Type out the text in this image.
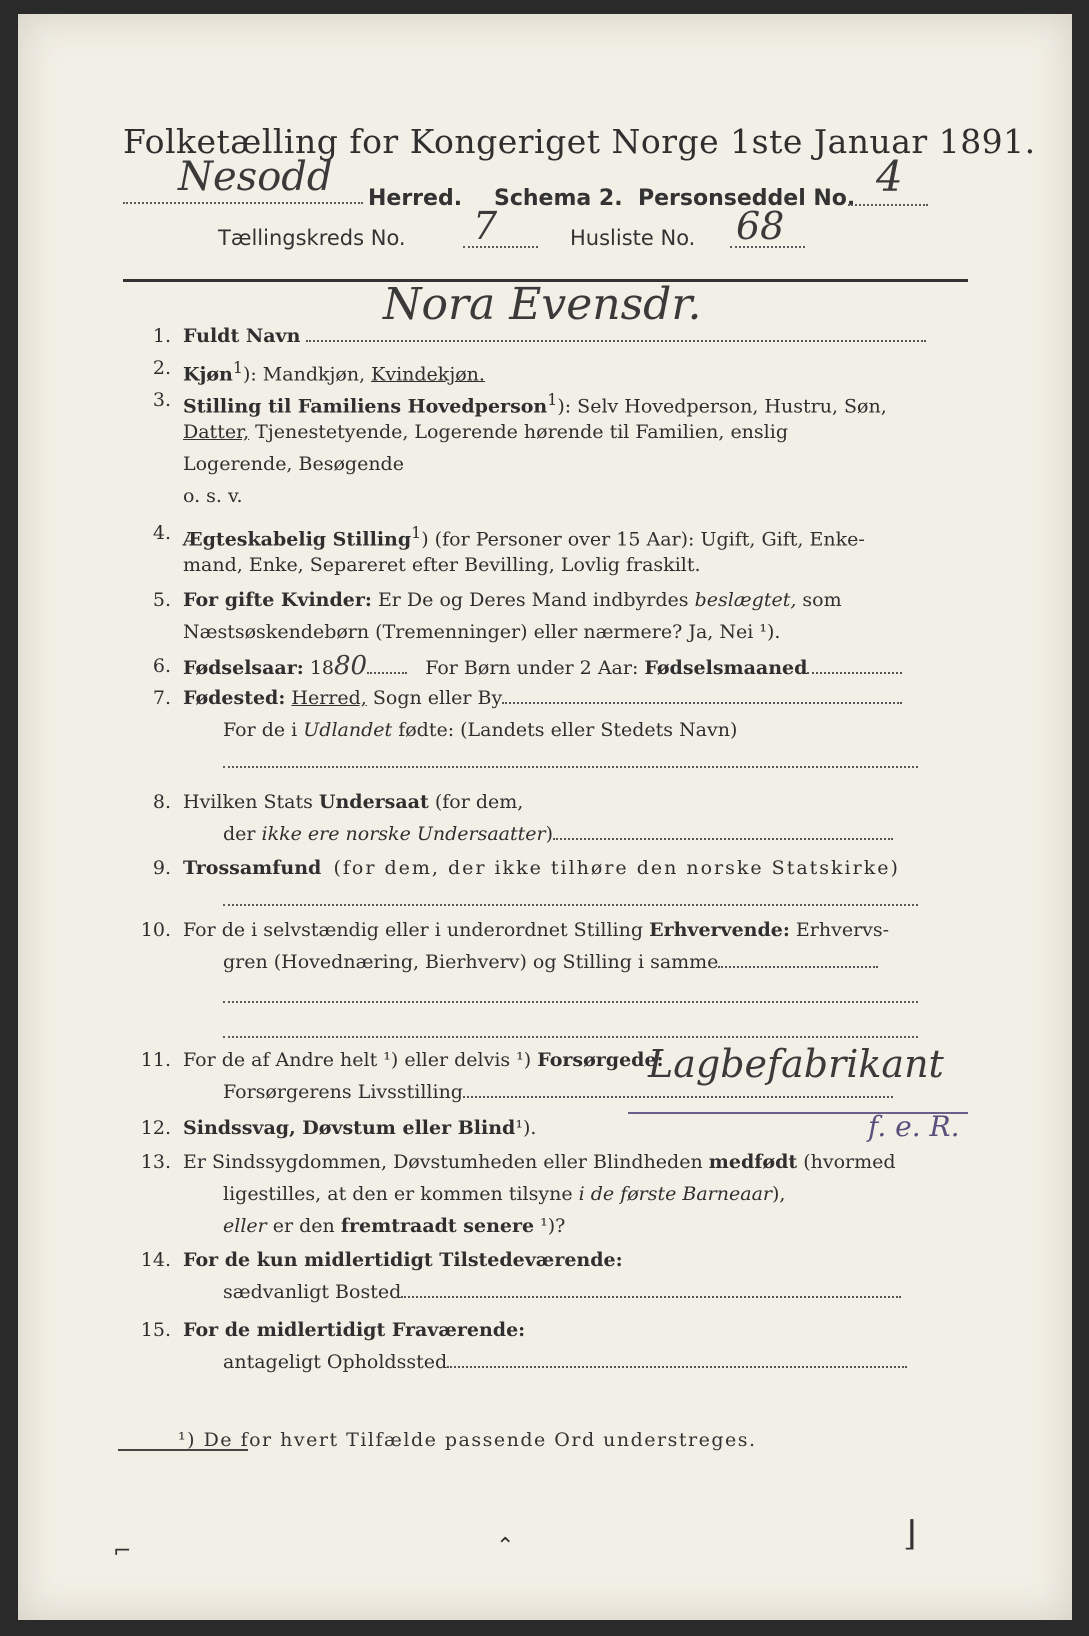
Folketælling for Kongeriget Norge 1ste Januar 1891.
Nesodd Herred. Schema 2. Personseddel No. 4
Tællingskreds No. 7	Husliste No. 68
Nora Evensdr.
1. Fuldt Navn
2. Kjøn$^1$): Mandkjøn, Kvindekjøn.
3. Stilling til Familiens Hovedperson$^1$): Selv Hovedperson, Hustru, Søn,
Datter, Tjenestetyende, Logerende hørende til Familien, enslig
Logerende, Besøgende
o. s. v.
4. Ægteskabelig Stilling$^1$) (for Personer over 15 Aar): Ugift, Gift, Enke-
mand, Enke, Separeret efter Bevilling, Lovlig fraskilt.
5. For gifte Kvinder: Er De og Deres Mand indbyrdes beslægtet, som
Næstsøskendebørn (Tremenninger) eller nærmere? Ja, Nei ¹).
6. Fødselsaar: 1880	For Børn under 2 Aar: Fødselsmaaned
7. Fødested: Herred, Sogn eller By
For de i Udlandet fødte: (Landets eller Stedets Navn)
8. Hvilken Stats Undersaat (for dem,
der ikke ere norske Undersaatter)
9. Trossamfund (for dem, der ikke tilhøre den norske Statskirke)
10. For de i selvstændig eller i underordnet Stilling Erhvervende: Erhvervs-
gren (Hovednæring, Bierhverv) og Stilling i samme
11. For de af Andre helt ¹) eller delvis ¹) Forsørgede:
Forsørgerens Livsstilling
Lagbefabrikant
12. Sindssvag, Døvstum eller Blind¹).	f. e. R.
13. Er Sindssygdommen, Døvstumheden eller Blindheden medfødt (hvormed
ligestilles, at den er kommen tilsyne i de første Barneaar),
eller er den fremtraadt senere ¹)?
14. For de kun midlertidigt Tilstedeværende:
sædvanligt Bosted
15. For de midlertidigt Fraværende:
antageligt Opholdssted
¹) De for hvert Tilfælde passende Ord understreges.
⌐	⌃	⌋
